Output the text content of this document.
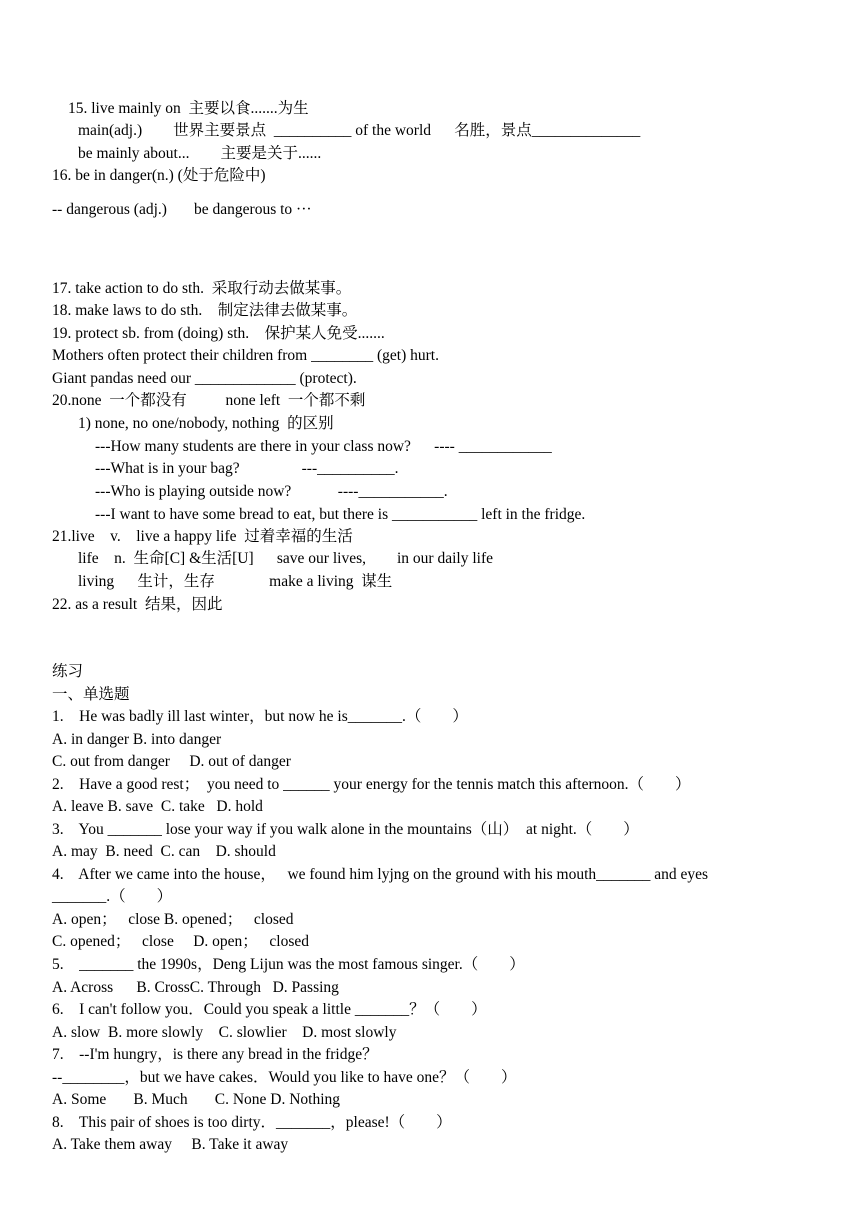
15. live mainly on  主要以食.......为生
main(adj.)        世界主要景点  __________ of the world      名胜，景点______________
be mainly about...        主要是关于......
16. be in danger(n.) (处于危险中)
-- dangerous (adj.)       be dangerous to ···
17. take action to do sth.  采取行动去做某事。
18. make laws to do sth.    制定法律去做某事。
19. protect sb. from (doing) sth.    保护某人免受.......
Mothers often protect their children from ________ (get) hurt.
Giant pandas need our _____________ (protect).
20.none  一个都没有          none left  一个都不剩
1) none, no one/nobody, nothing  的区别
---How many students are there in your class now?      ---- ____________
---What is in your bag?                ---__________.
---Who is playing outside now?            ----___________.
---I want to have some bread to eat, but there is ___________ left in the fridge.
21.live    v.    live a happy life  过着幸福的生活
life    n.  生命[C] &生活[U]      save our lives,        in our daily life
living      生计，生存              make a living  谋生
22. as a result  结果，因此
练习
一、单选题
1.    He was badly ill last winter，but now he is_______.（        ）
A. in danger B. into danger
C. out from danger     D. out of danger
2.    Have a good rest；  you need to ______ your energy for the tennis match this afternoon.（        ）
A. leave B. save  C. take   D. hold
3.    You _______ lose your way if you walk alone in the mountains（山）  at night.（        ）
A. may  B. need  C. can    D. should
4.    After we came into the house，   we found him lyjng on the ground with his mouth_______ and eyes
_______.（        ）
A. open；   close B. opened；   closed
C. opened；   close     D. open；   closed
5.    _______ the 1990s，Deng Lijun was the most famous singer.（        ）
A. Across      B. CrossC. Through   D. Passing
6.    I can't follow you．Could you speak a little _______？（        ）
A. slow  B. more slowly    C. slowlier    D. most slowly
7.    --I'm hungry，is there any bread in the fridge？
--________，but we have cakes．Would you like to have one？（        ）
A. Some       B. Much       C. None D. Nothing
8.    This pair of shoes is too dirty．_______，please!（        ）
A. Take them away     B. Take it away
